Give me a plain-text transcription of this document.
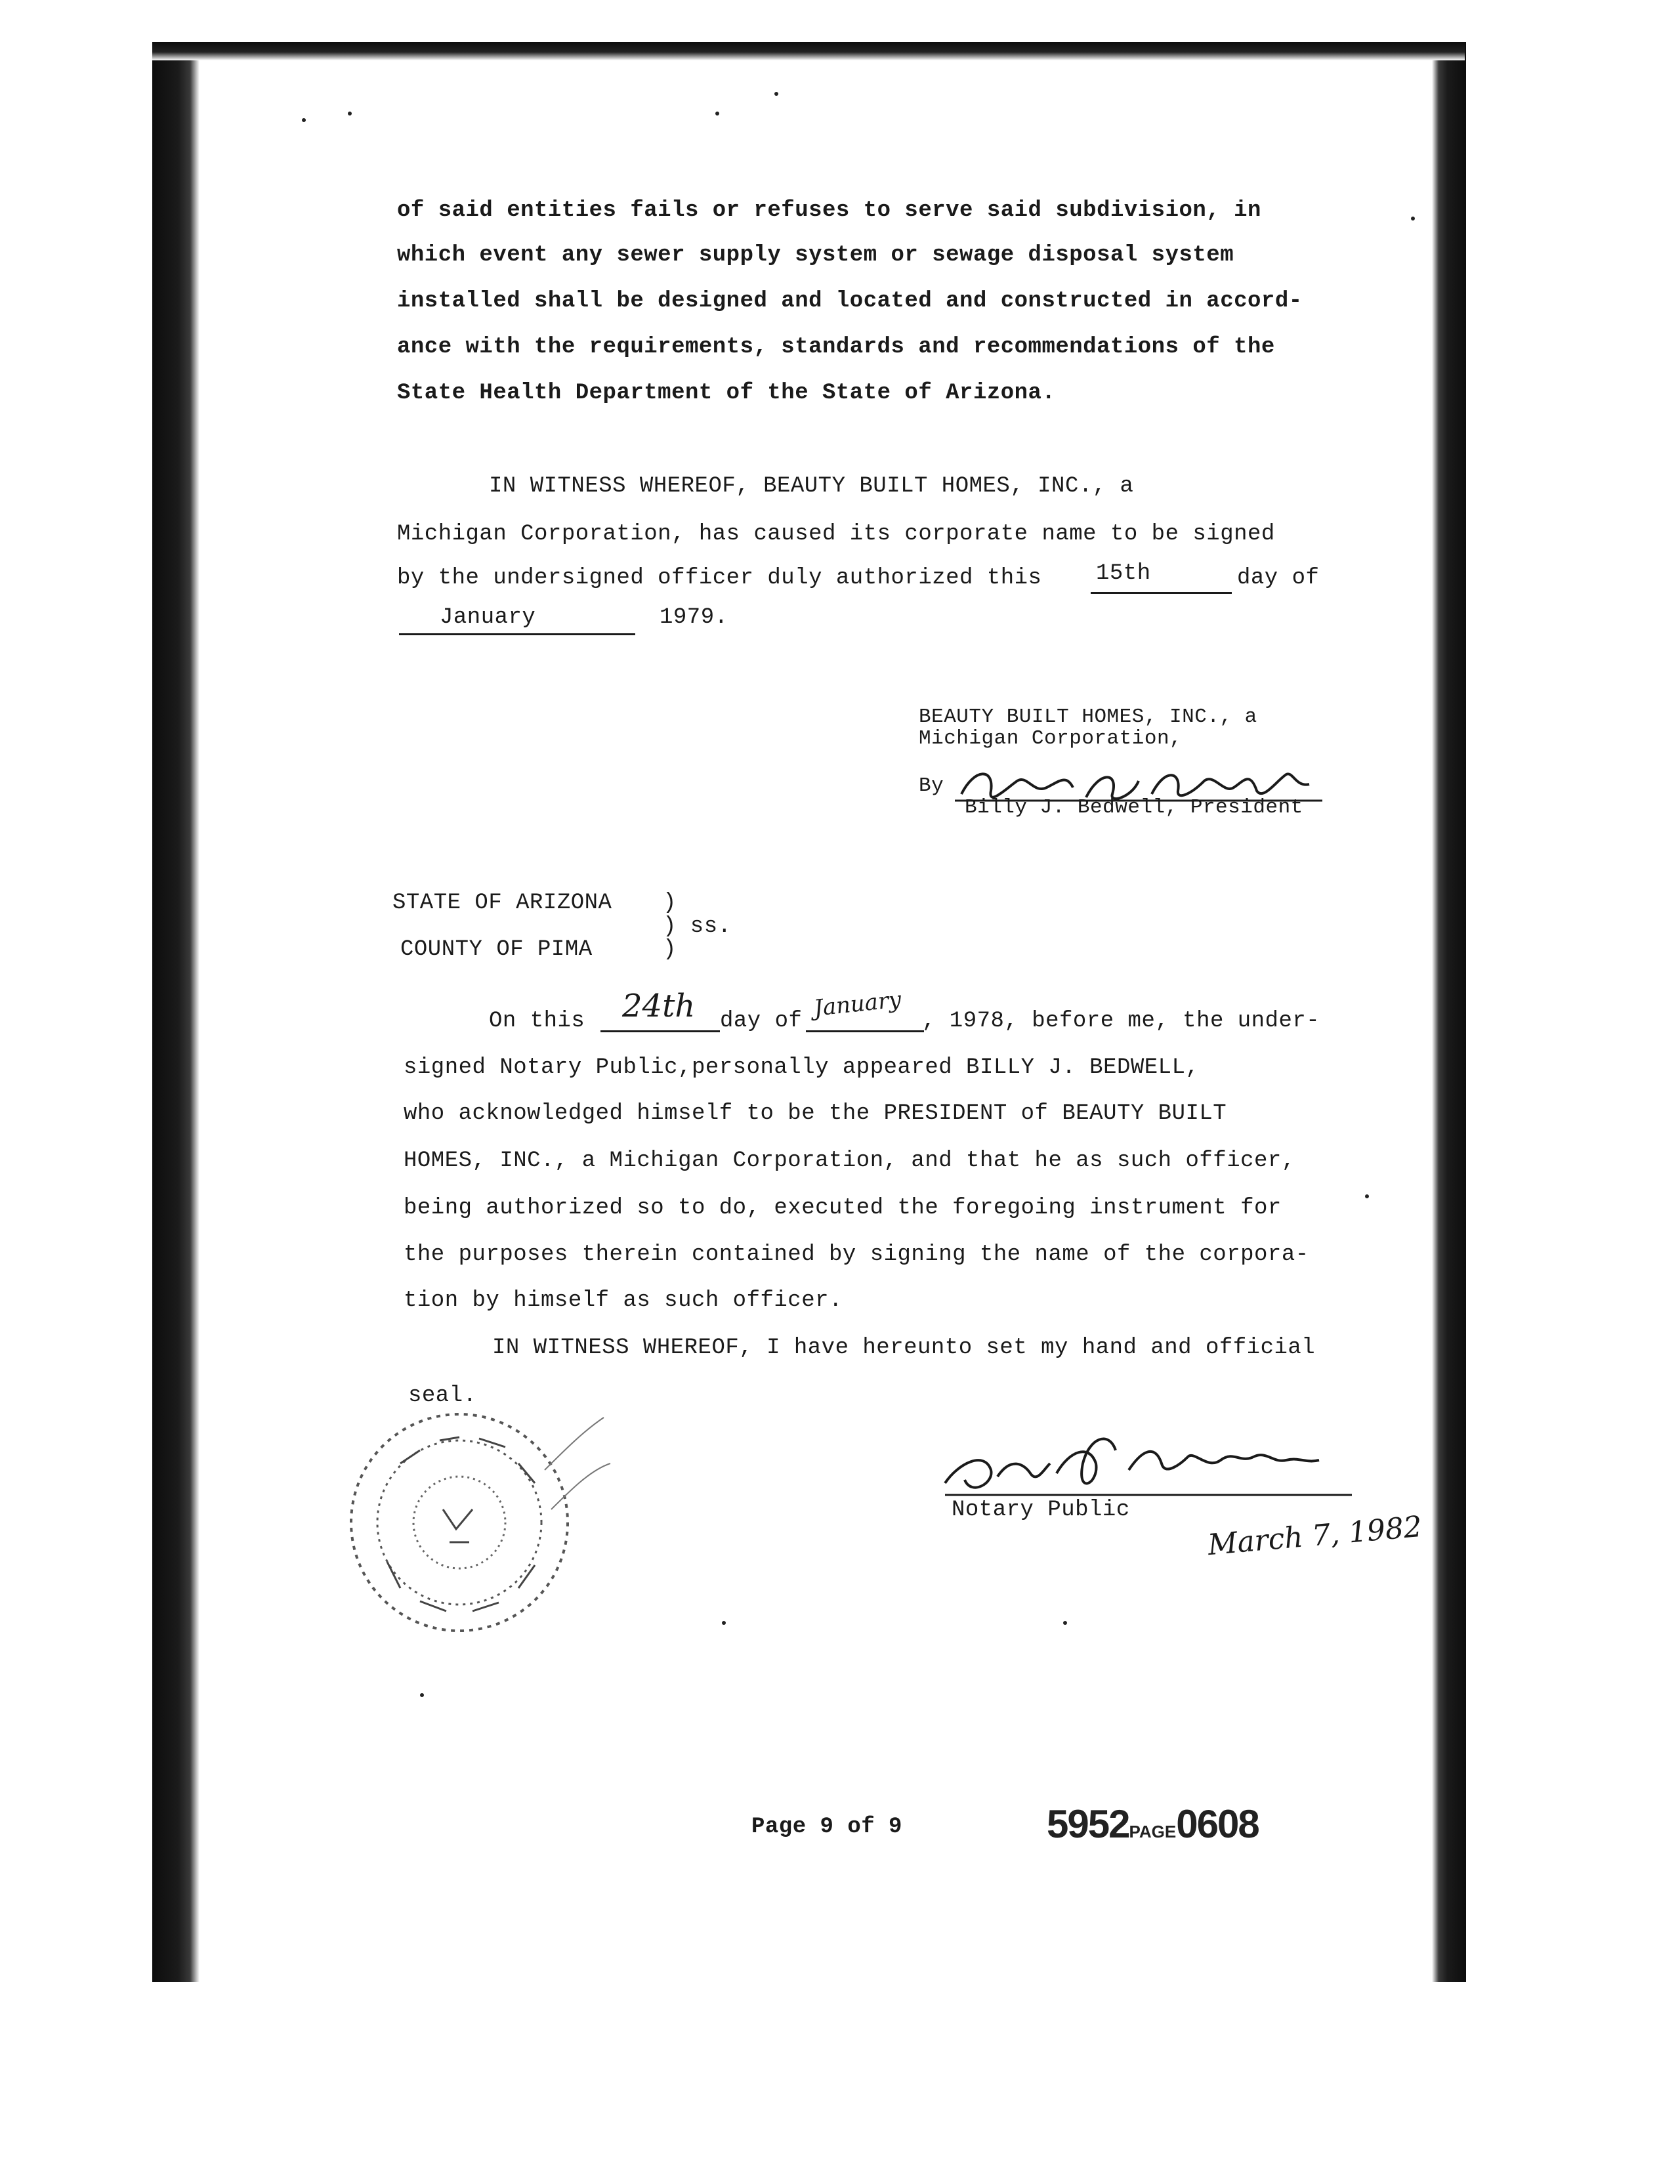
of said entities fails or refuses to serve said subdivision, in
which event any sewer supply system or sewage disposal system
installed shall be designed and located and constructed in accord-
ance with the requirements, standards and recommendations of the
State Health Department of the State of Arizona.
IN WITNESS WHEREOF, BEAUTY BUILT HOMES, INC., a
Michigan Corporation, has caused its corporate name to be signed
by the undersigned officer duly authorized this 15th	day of
January	1979.
BEAUTY BUILT HOMES, INC., a
Michigan Corporation,
By
Billy J. Bedwell, President
STATE OF ARIZONA
COUNTY OF PIMA
)
) ss.
)
On this 24th day of January , 1978, before me, the under-
signed Notary Public,personally appeared BILLY J. BEDWELL,
who acknowledged himself to be the PRESIDENT of BEAUTY BUILT
HOMES, INC., a Michigan Corporation, and that he as such officer,
being authorized so to do, executed the foregoing instrument for
the purposes therein contained by signing the name of the corpora-
tion by himself as such officer.
IN WITNESS WHEREOF, I have hereunto set my hand and official
seal.
Notary Public	March 7, 1982
Page 9 of 9	5952PAGE0608
